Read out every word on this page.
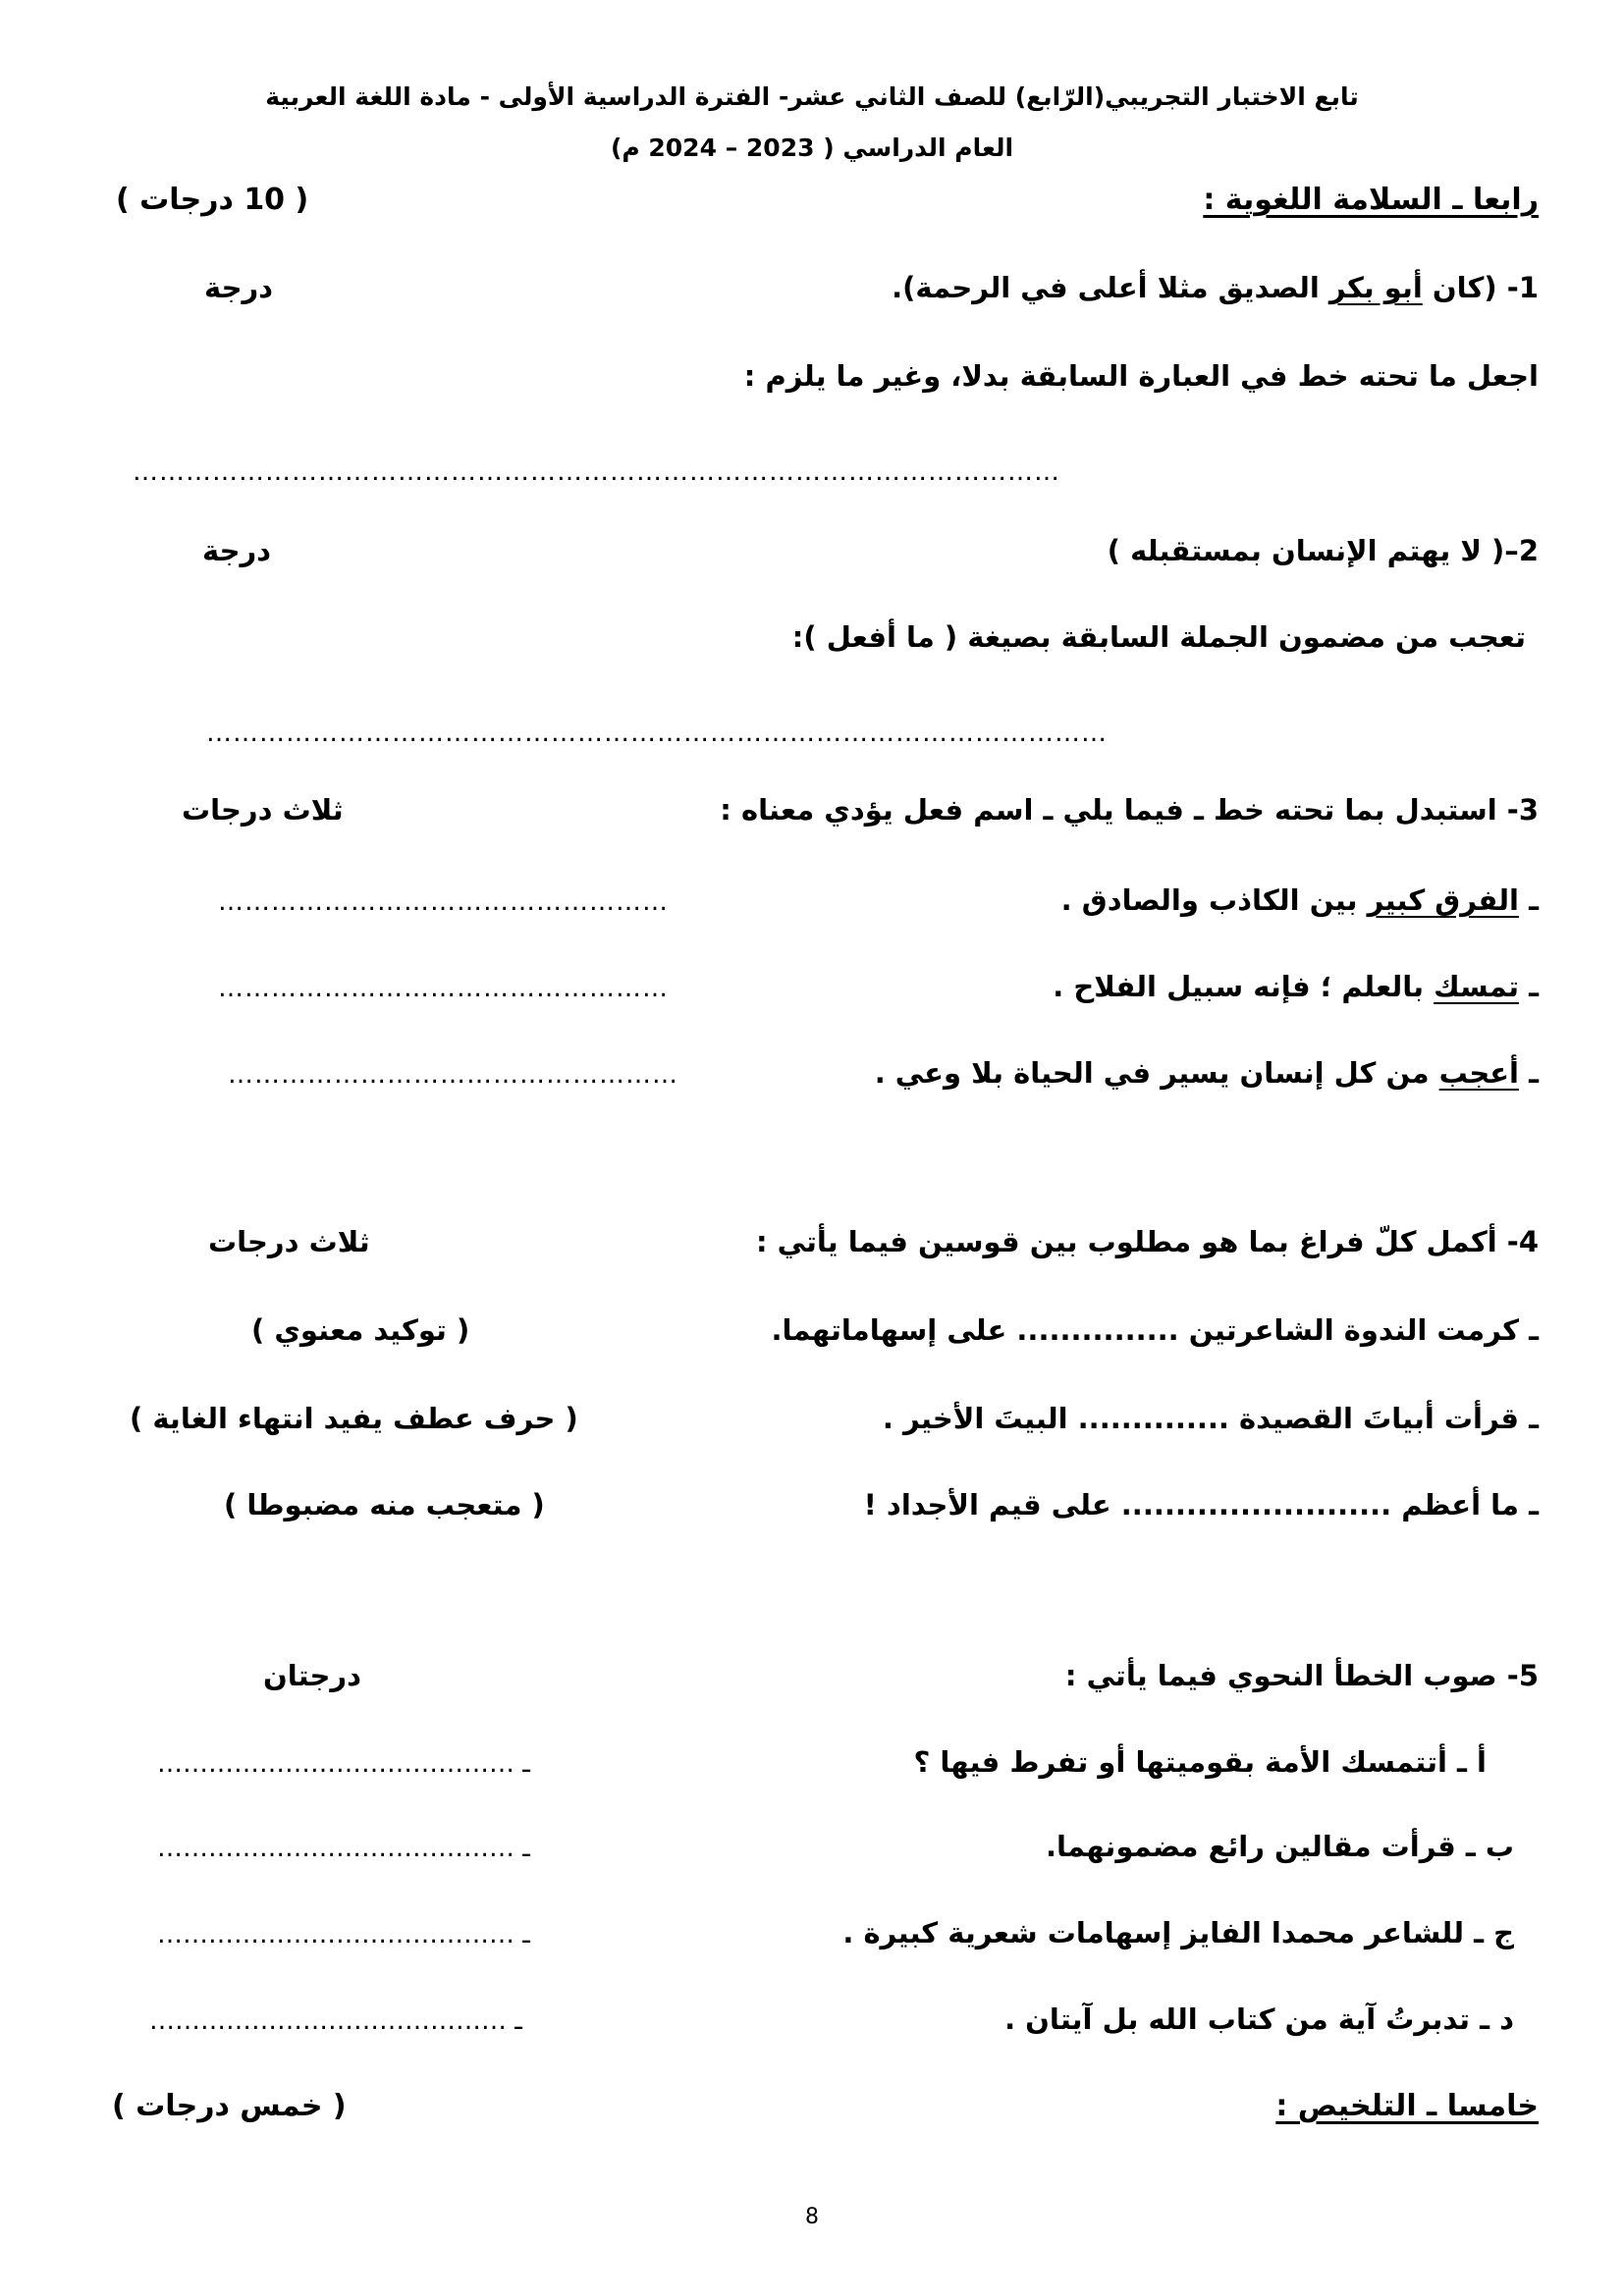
تابع الاختبار التجريبي(الرّابع) للصف الثاني عشر- الفترة الدراسية الأولى - مادة اللغة العربية
العام الدراسي ( 2023 – 2024 م)
رابعا ـ السلامة اللغوية :
( 10 درجات )
1- (كان أبو بكر الصديق مثلا أعلى في الرحمة).
درجة
اجعل ما تحته خط في العبارة السابقة بدلا، وغير ما يلزم :
……………………………………………………………………………………………
2–( لا يهتم الإنسان بمستقبله )
درجة
تعجب من مضمون الجملة السابقة بصيغة ( ما أفعل ):
…………………………………………………………………………………………
3- استبدل بما تحته خط ـ فيما يلي ـ اسم فعل يؤدي معناه :
ثلاث درجات
ـ الفرق كبير بين الكاذب والصادق .
……………………………………………
ـ تمسك بالعلم ؛ فإنه سبيل الفلاح .
……………………………………………
ـ أعجب من كل إنسان يسير في الحياة بلا وعي .
……………………………………………
4- أكمل كلّ فراغ بما هو مطلوب بين قوسين فيما يأتي :
ثلاث درجات
ـ كرمت الندوة الشاعرتين ............... على إسهاماتهما.
( توكيد معنوي )
ـ قرأت أبياتَ القصيدة .............. البيتَ الأخير .
( حرف عطف يفيد انتهاء الغاية )
ـ ما أعظم ......................... على قيم الأجداد !
( متعجب منه مضبوطا )
5- صوب الخطأ النحوي فيما يأتي :
درجتان
أ ـ أتتمسك الأمة بقوميتها أو تفرط فيها ؟
…………………………………… ـ
ب ـ قرأت مقالين رائع مضمونهما.
…………………………………… ـ
ج ـ للشاعر محمدا الفايز إسهامات شعرية كبيرة .
…………………………………… ـ
د ـ تدبرتُ آية من كتاب الله بل آيتان .
…………………………………… ـ
خامسا ـ التلخيص :
( خمس درجات )
8
